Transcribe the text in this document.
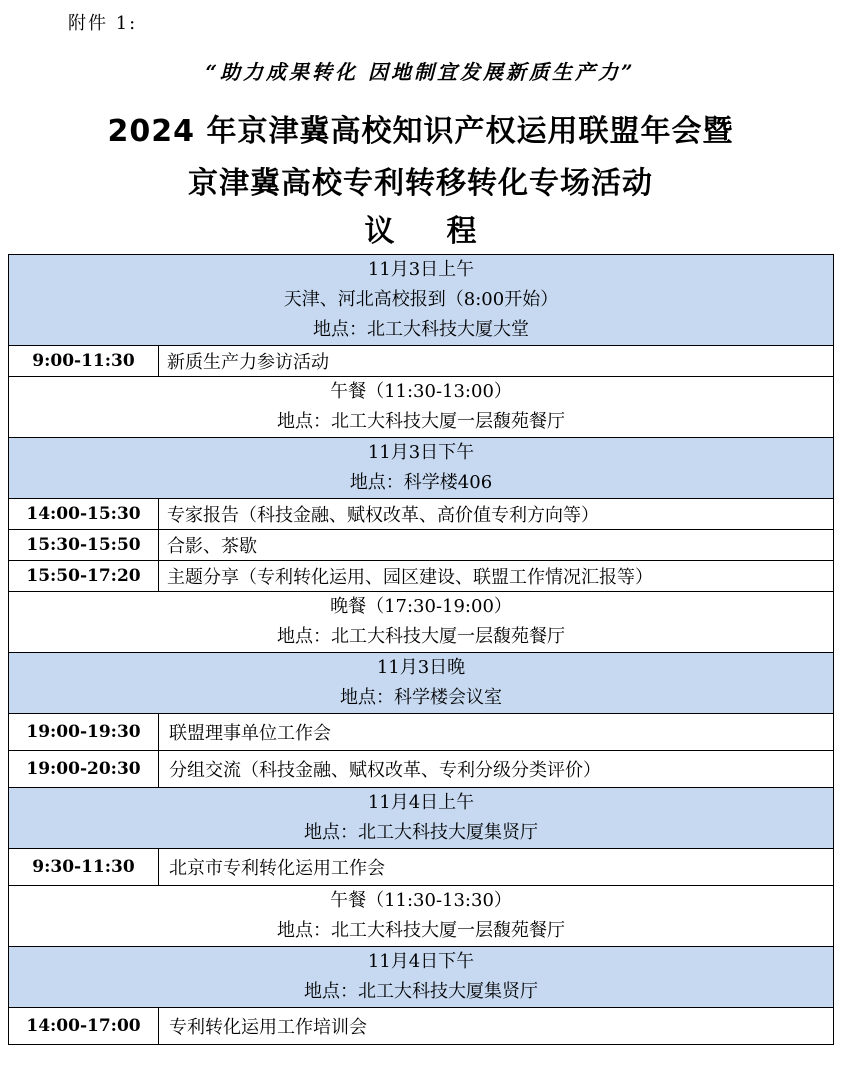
附件 1:
“助力成果转化 因地制宜发展新质生产力”
2024 年京津冀高校知识产权运用联盟年会暨
京津冀高校专利转移转化专场活动
议程
11月3日上午
天津、河北高校报到（8:00开始）
地点：北工大科技大厦大堂	

9:00-11:30	新质生产力参访活动

午餐（11:30-13:00）
地点：北工大科技大厦一层馥苑餐厅	

11月3日下午
地点：科学楼406	

14:00-15:30	专家报告（科技金融、赋权改革、高价值专利方向等）
15:30-15:50	合影、茶歇
15:50-17:20	主题分享（专利转化运用、园区建设、联盟工作情况汇报等）

晚餐（17:30-19:00）
地点：北工大科技大厦一层馥苑餐厅	

11月3日晚
地点：科学楼会议室	

19:00-19:30	联盟理事单位工作会
19:00-20:30	分组交流（科技金融、赋权改革、专利分级分类评价）

11月4日上午
地点：北工大科技大厦集贤厅	

9:30-11:30	北京市专利转化运用工作会

午餐（11:30-13:30）
地点：北工大科技大厦一层馥苑餐厅	

11月4日下午
地点：北工大科技大厦集贤厅	

14:00-17:00	专利转化运用工作培训会
